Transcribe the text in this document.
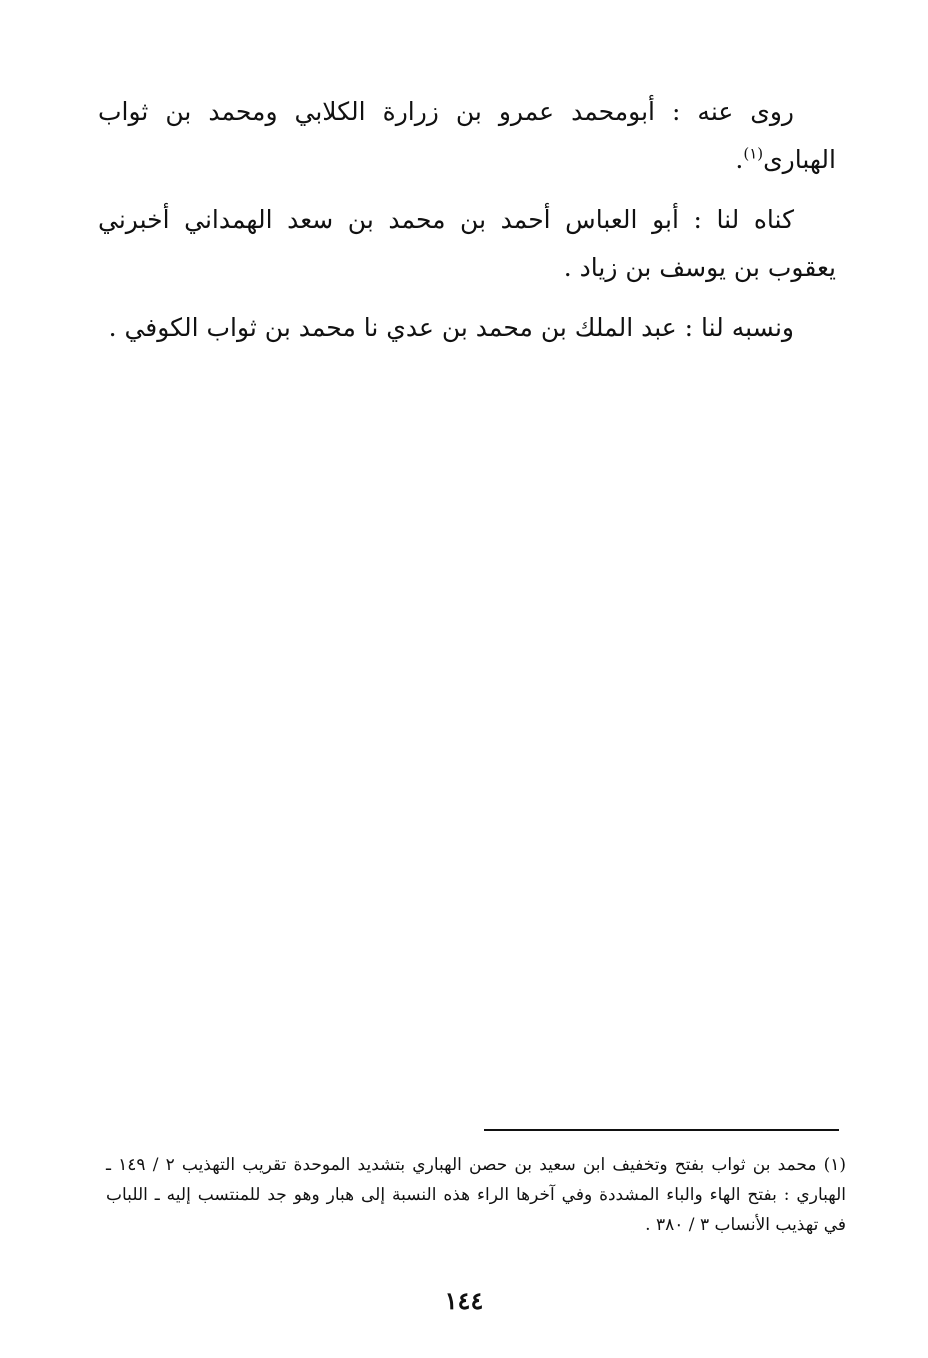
روى عنه : أبومحمد عمرو بن زرارة الكلابي ومحمد بن ثواب الهبارى$^{(١)}$.

كناه لنا : أبو العباس أحمد بن محمد بن سعد الهمداني أخبرني يعقوب بن يوسف بن زياد .

ونسبه لنا : عبد الملك بن محمد بن عدي نا محمد بن ثواب الكوفي .

(١) محمد بن ثواب بفتح وتخفيف ابن سعيد بن حصن الهباري بتشديد الموحدة تقريب التهذيب ٢ / ١٤٩ ـ الهباري : بفتح الهاء والباء المشددة وفي آخرها الراء هذه النسبة إلى هبار وهو جد للمنتسب إليه ـ اللباب في تهذيب الأنساب ٣ / ٣٨٠ .

١٤٤
